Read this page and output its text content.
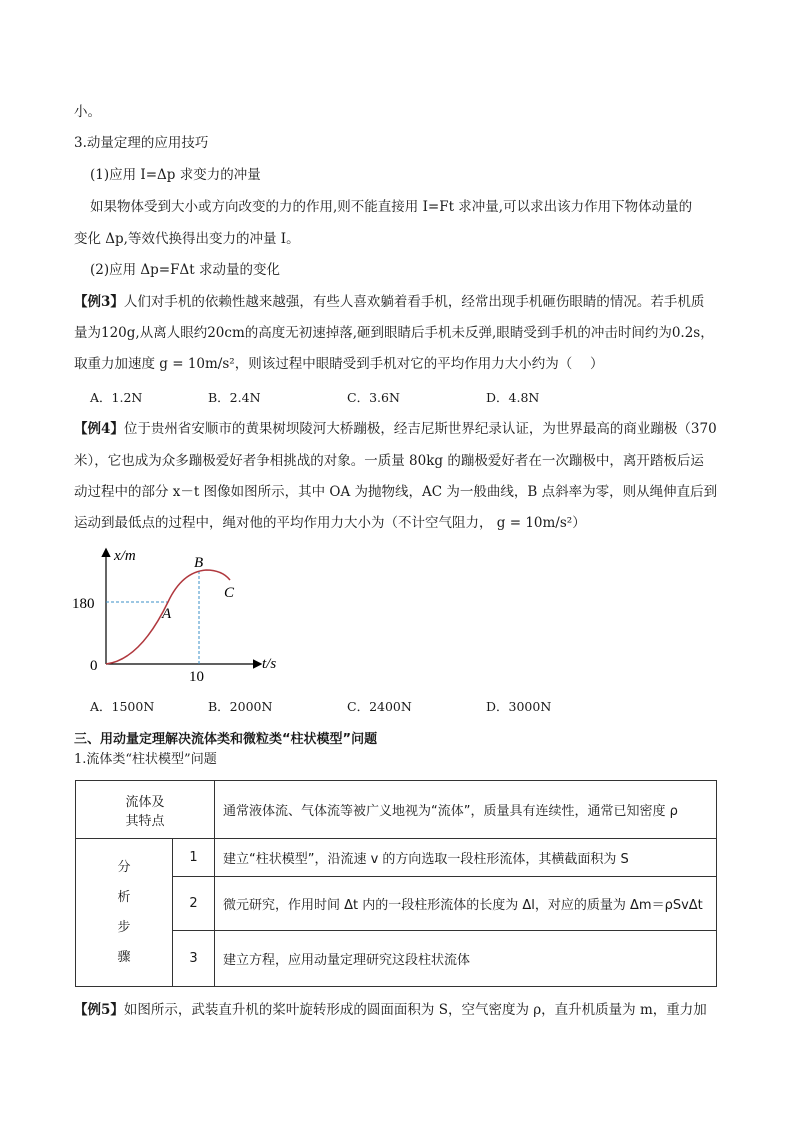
小。
3.动量定理的应用技巧
(1)应用 I=Δp 求变力的冲量
如果物体受到大小或方向改变的力的作用,则不能直接用 I=Ft 求冲量,可以求出该力作用下物体动量的
变化 Δp,等效代换得出变力的冲量 I。
(2)应用 Δp=FΔt 求动量的变化
【例3】人们对手机的依赖性越来越强，有些人喜欢躺着看手机，经常出现手机砸伤眼睛的情况。若手机质
量为120g,从离人眼约20cm的高度无初速掉落,砸到眼睛后手机未反弹,眼睛受到手机的冲击时间约为0.2s，
取重力加速度 g = 10m/s²，则该过程中眼睛受到手机对它的平均作用力大小约为（　 ）
A．1.2N	B．2.4N	C．3.6N	D．4.8N
【例4】位于贵州省安顺市的黄果树坝陵河大桥蹦极，经吉尼斯世界纪录认证，为世界最高的商业蹦极（370
米），它也成为众多蹦极爱好者争相挑战的对象。一质量 80kg 的蹦极爱好者在一次蹦极中，离开踏板后运
动过程中的部分 x－t 图像如图所示，其中 OA 为抛物线，AC 为一般曲线，B 点斜率为零，则从绳伸直后到
运动到最低点的过程中，绳对他的平均作用力大小为（不计空气阻力， g = 10m/s²）
x/m
t/s
180
10
0
A
B
C
A．1500N	B．2000N	C．2400N	D．3000N
三、用动量定理解决流体类和微粒类“柱状模型”问题
1.流体类“柱状模型”问题
流体及
其特点		通常液体流、气体流等被广义地视为“流体”，质量具有连续性，通常已知密度 ρ

分
析
步
骤	1	建立“柱状模型”，沿流速 v 的方向选取一段柱形流体，其横截面积为 S
	2	微元研究，作用时间 Δt 内的一段柱形流体的长度为 Δl，对应的质量为 Δm＝ρSvΔt
	3	建立方程，应用动量定理研究这段柱状流体
【例5】如图所示，武装直升机的桨叶旋转形成的圆面面积为 S，空气密度为 ρ，直升机质量为 m，重力加
